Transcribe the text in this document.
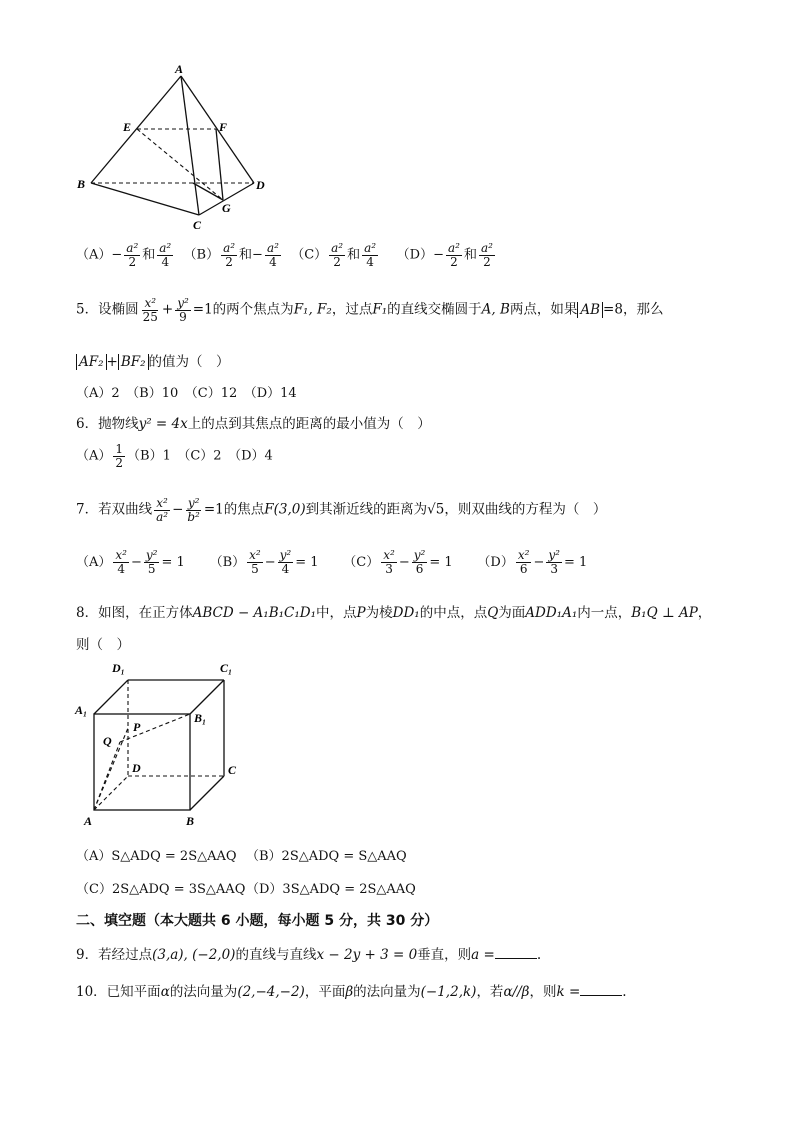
A
E	F
B	D
C
G
$(A)- \frac{\text{a²}}{2}$ 和 $\frac{\text{a²}}{4} (B) \frac{\text{a²}}{2}$ 和− $\frac{\text{a²}}{4} (C) \frac{\text{a²}}{2}$ 和 $\frac{\text{a²}}{4} (D)- \frac{\text{a²}}{2}$ 和 $\frac{\text{a²}}{2}$
5．设椭圆 $\frac{\text{x²}}{25} + \frac{\text{y²}}{9} =1$的两个焦点为F₁, F₂，过点F₁的直线交椭圆于A, B两点，如果 AB =8，那么
AF₂ + BF₂ 的值为（　）
（A）2　（B）10　（C）12　（D）14
6．抛物线y² = 4x上的点到其焦点的距离的最小值为（　）
$(A) \frac{1}{2} (B)1$　（C）2　（D）4
7．若双曲线 $\frac{\text{x²}}{\text{a²}} - \frac{\text{y²}}{\text{b²}} =1$的焦点F(3,0)到其渐近线的距离为√5，则双曲线的方程为（　）
$(A) \frac{\text{x²}}{4} - \frac{\text{y²}}{5} = 1$ $(B) \frac{\text{x²}}{5} - \frac{\text{y²}}{4} = 1$ $(C) \frac{\text{x²}}{3} - \frac{\text{y²}}{6} = 1$ $(D) \frac{\text{x²}}{6} - \frac{\text{y²}}{3} = 1$
8．如图，在正方体ABCD − A₁B₁C₁D₁中，点P为棱DD₁的中点，点Q为面ADD₁A₁内一点，B₁Q ⊥ AP，
则（　）
D₁	C₁
A₁
B₁
P
Q
D	C
A	B
（A）S△ADQ = 2S△AAQ （B）2S△ADQ = S△AAQ
（C）2S△ADQ = 3S△AAQ （D）3S△ADQ = 2S△AAQ
二、填空题（本大题共 6 小题，每小题 5 分，共 30 分）
9．若经过点(3,a), (−2,0)的直线与直线x − 2y + 3 = 0垂直，则a =	.
10．已知平面α的法向量为(2,−4,−2)，平面β的法向量为(−1,2,k)，若α//β，则k =	.
